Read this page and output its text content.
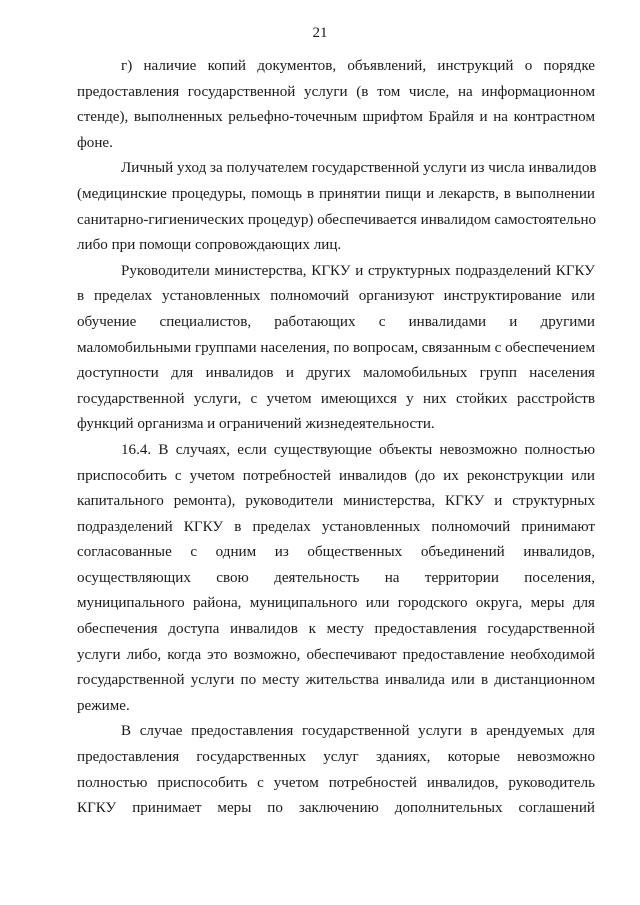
21
г) наличие копий документов, объявлений, инструкций о порядке
предоставления государственной услуги (в том числе, на информационном
стенде), выполненных рельефно-точечным шрифтом Брайля и на контрастном
фоне.
Личный уход за получателем государственной услуги из числа инвалидов
(медицинские процедуры, помощь в принятии пищи и лекарств, в выполнении
санитарно-гигиенических процедур) обеспечивается инвалидом самостоятельно
либо при помощи сопровождающих лиц.
Руководители министерства, КГКУ и структурных подразделений КГКУ
в пределах установленных полномочий организуют инструктирование или
обучение специалистов, работающих с инвалидами и другими
маломобильными группами населения, по вопросам, связанным с обеспечением
доступности для инвалидов и других маломобильных групп населения
государственной услуги, с учетом имеющихся у них стойких расстройств
функций организма и ограничений жизнедеятельности.
16.4. В случаях, если существующие объекты невозможно полностью
приспособить с учетом потребностей инвалидов (до их реконструкции или
капитального ремонта), руководители министерства, КГКУ и структурных
подразделений КГКУ в пределах установленных полномочий принимают
согласованные с одним из общественных объединений инвалидов,
осуществляющих свою деятельность на территории поселения,
муниципального района, муниципального или городского округа, меры для
обеспечения доступа инвалидов к месту предоставления государственной
услуги либо, когда это возможно, обеспечивают предоставление необходимой
государственной услуги по месту жительства инвалида или в дистанционном
режиме.
В случае предоставления государственной услуги в арендуемых для
предоставления государственных услуг зданиях, которые невозможно
полностью приспособить с учетом потребностей инвалидов, руководитель
КГКУ принимает меры по заключению дополнительных соглашений
